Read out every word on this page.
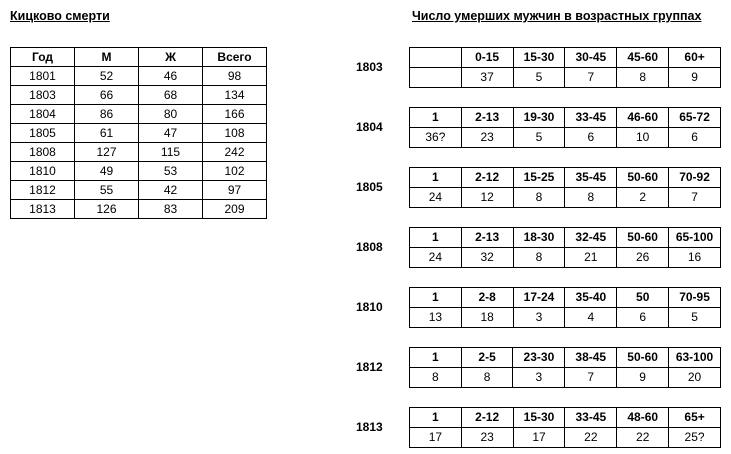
Кицково смерти	Число умерших мужчин в возрастных группах
Год	М	Ж	Всего
1801	52	46	98
1803	66	68	134
1804	86	80	166
1805	61	47	108
1808	127	115	242
1810	49	53	102
1812	55	42	97
1813	126	83	209
1803
	0-15	15-30	30-45	45-60	60+
	37	5	7	8	9
1804
1	2-13	19-30	33-45	46-60	65-72
36?	23	5	6	10	6
1805
1	2-12	15-25	35-45	50-60	70-92
24	12	8	8	2	7
1808
1	2-13	18-30	32-45	50-60	65-100
24	32	8	21	26	16
1810
1	2-8	17-24	35-40	50	70-95
13	18	3	4	6	5
1812
1	2-5	23-30	38-45	50-60	63-100
8	8	3	7	9	20
1813
1	2-12	15-30	33-45	48-60	65+
17	23	17	22	22	25?
